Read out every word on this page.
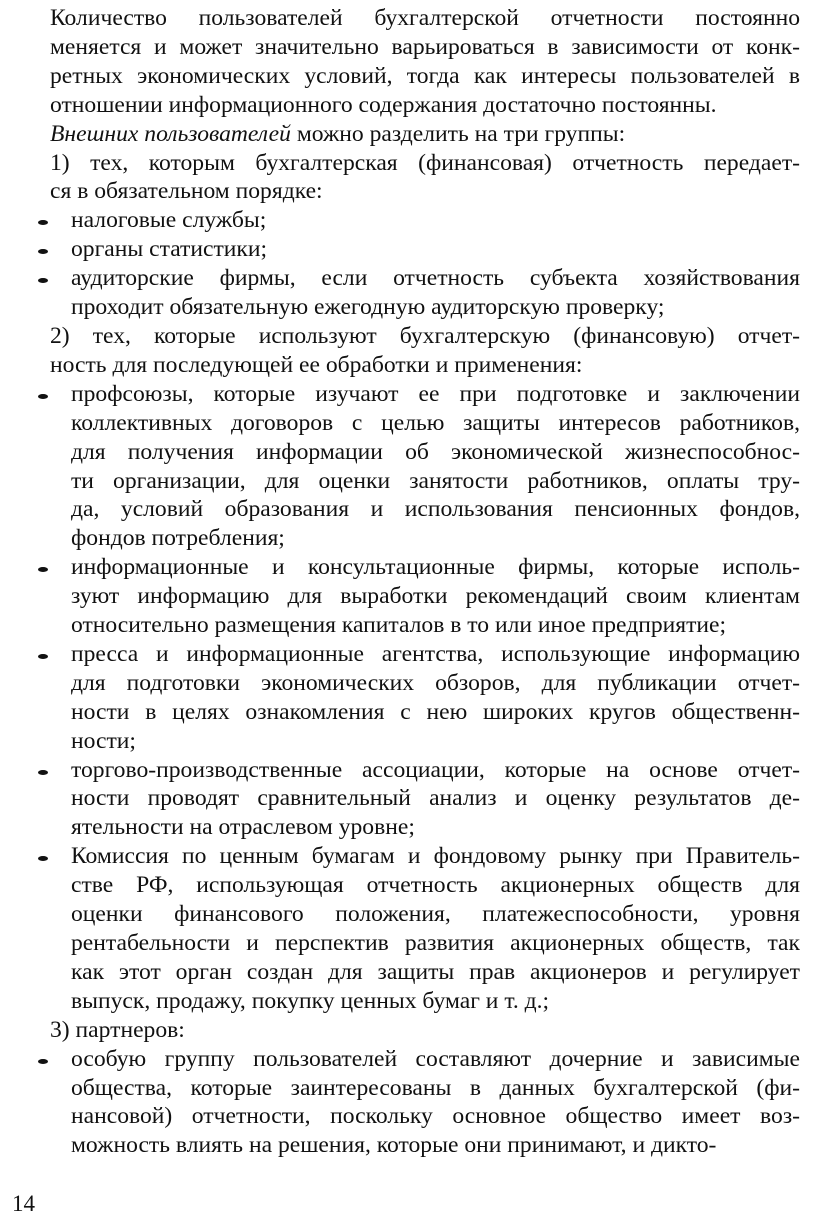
Количество пользователей бухгалтерской отчетности постоянно
меняется и может значительно варьироваться в зависимости от конк-
ретных экономических условий, тогда как интересы пользователей в
отношении информационного содержания достаточно постоянны.

Внешних пользователей можно разделить на три группы:

1) тех, которым бухгалтерская (финансовая) отчетность передает-
ся в обязательном порядке:

налоговые службы;
органы статистики;
аудиторские фирмы, если отчетность субъекта хозяйствования
проходит обязательную ежегодную аудиторскую проверку;

2) тех, которые используют бухгалтерскую (финансовую) отчет-
ность для последующей ее обработки и применения:

профсоюзы, которые изучают ее при подготовке и заключении
коллективных договоров с целью защиты интересов работников,
для получения информации об экономической жизнеспособнос-
ти организации, для оценки занятости работников, оплаты тру-
да, условий образования и использования пенсионных фондов,
фондов потребления;
информационные и консультационные фирмы, которые исполь-
зуют информацию для выработки рекомендаций своим клиентам
относительно размещения капиталов в то или иное предприятие;
пресса и информационные агентства, использующие информацию
для подготовки экономических обзоров, для публикации отчет-
ности в целях ознакомления с нею широких кругов общественн-
ности;
торгово-производственные ассоциации, которые на основе отчет-
ности проводят сравнительный анализ и оценку результатов де-
ятельности на отраслевом уровне;
Комиссия по ценным бумагам и фондовому рынку при Правитель-
стве РФ, использующая отчетность акционерных обществ для
оценки финансового положения, платежеспособности, уровня
рентабельности и перспектив развития акционерных обществ, так
как этот орган создан для защиты прав акционеров и регулирует
выпуск, продажу, покупку ценных бумаг и т. д.;

3) партнеров:

особую группу пользователей составляют дочерние и зависимые
общества, которые заинтересованы в данных бухгалтерской (фи-
нансовой) отчетности, поскольку основное общество имеет воз-
можность влиять на решения, которые они принимают, и дикто-
14
